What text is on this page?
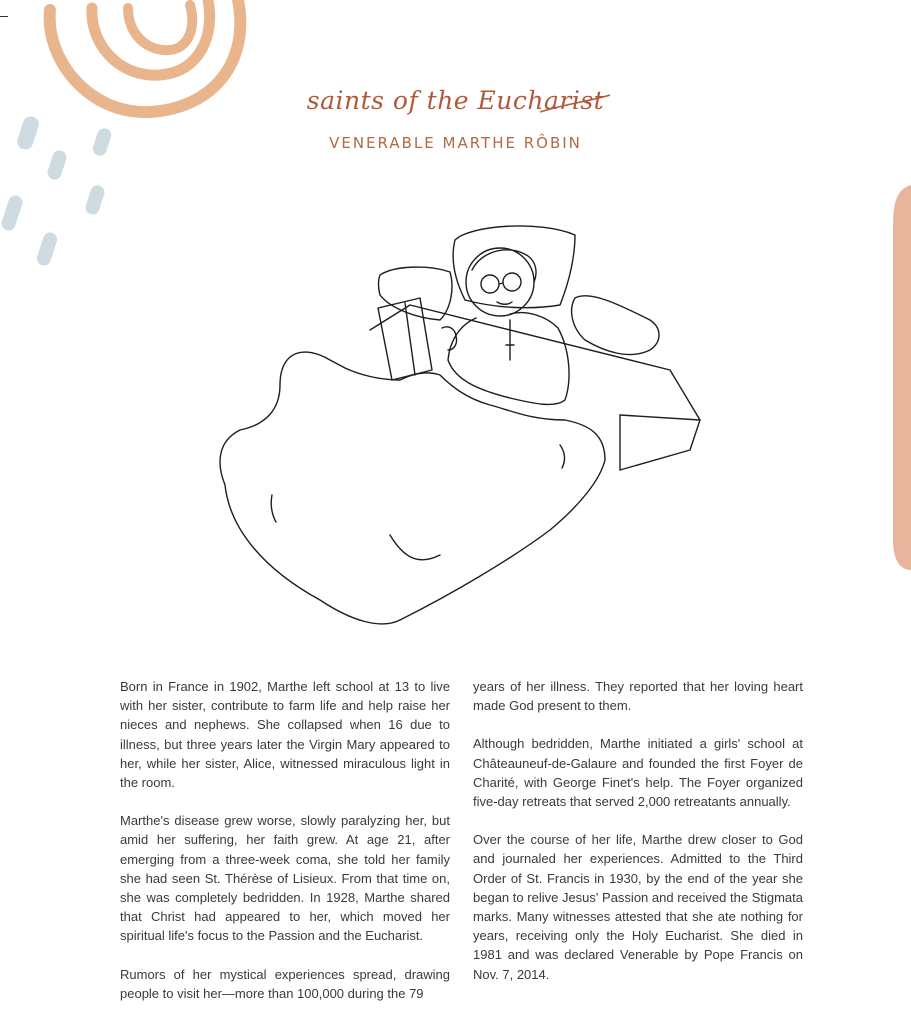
saints of the Eucharist
VENERABLE MARTHE RÔBIN

Born in France in 1902, Marthe left school at 13 to live with her sister, contribute to farm life and help raise her nieces and nephews. She collapsed when 16 due to illness, but three years later the Virgin Mary appeared to her, while her sister, Alice, witnessed miraculous light in the room.

Marthe's disease grew worse, slowly paralyzing her, but amid her suffering, her faith grew. At age 21, after emerging from a three-week coma, she told her family she had seen St. Thérèse of Lisieux. From that time on, she was completely bedridden. In 1928, Marthe shared that Christ had appeared to her, which moved her spiritual life's focus to the Passion and the Eucharist.

Rumors of her mystical experiences spread, drawing people to visit her—more than 100,000 during the 79

years of her illness. They reported that her loving heart made God present to them.

Although bedridden, Marthe initiated a girls' school at Châteauneuf-de-Galaure and founded the first Foyer de Charité, with George Finet's help. The Foyer organized five-day retreats that served 2,000 retreatants annually.

Over the course of her life, Marthe drew closer to God and journaled her experiences. Admitted to the Third Order of St. Francis in 1930, by the end of the year she began to relive Jesus' Passion and received the Stigmata marks. Many witnesses attested that she ate nothing for years, receiving only the Holy Eucharist. She died in 1981 and was declared Venerable by Pope Francis on Nov. 7, 2014.
